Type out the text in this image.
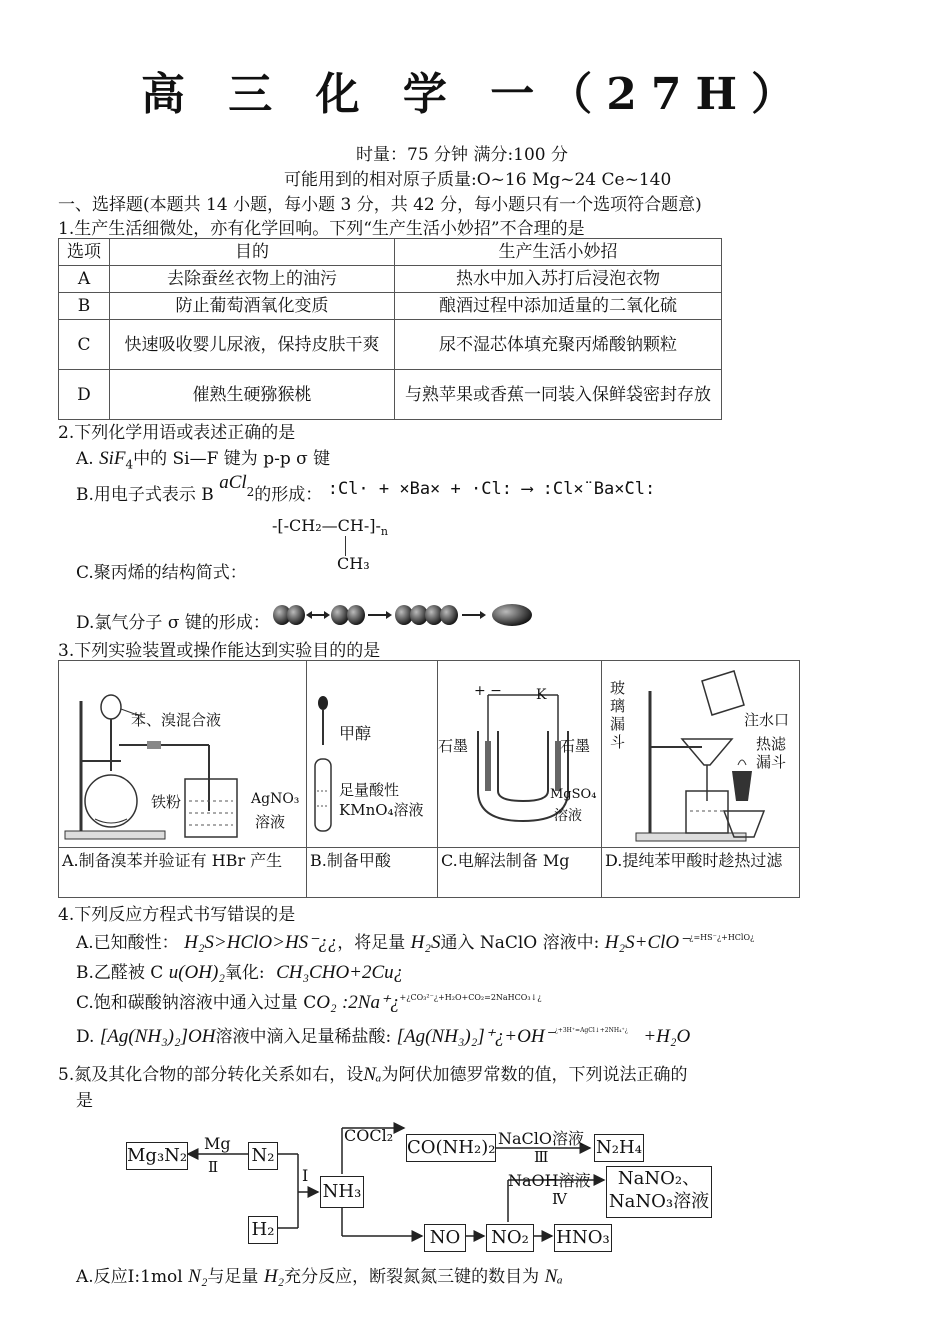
高 三 化 学 一（27H）
时量：75 分钟 满分:100 分
可能用到的相对原子质量:O~16 Mg~24 Ce~140
一、选择题(本题共 14 小题，每小题 3 分，共 42 分，每小题只有一个选项符合题意)
1.生产生活细微处，亦有化学回响。下列“生产生活小妙招”不合理的是
选项	目的	生产生活小妙招
A	去除蚕丝衣物上的油污	热水中加入苏打后浸泡衣物
B	防止葡萄酒氧化变质	酿酒过程中添加适量的二氧化硫
C	快速吸收婴儿尿液，保持皮肤干爽	尿不湿芯体填充聚丙烯酸钠颗粒
D	催熟生硬猕猴桃	与熟苹果或香蕉一同装入保鲜袋密封存放
2.下列化学用语或表述正确的是
A. SiF$_4$中的 Si—F 键为 p-p σ 键
B.用电子式表示 B aCl$_2$的形成： :Cl· + ×Ba× + ·Cl: ⟶ :Cl×̈ Ba×̈Cl:
$-[-CH_2—CH-]-_n$
CH₃
C.聚丙烯的结构简式：
D.氯气分子 σ 键的形成：
3.下列实验装置或操作能达到实验目的的是
苯、溴混合液
铁粉	AgNO₃
溶液
A.制备溴苯并验证有 HBr 产生
甲醇
足量酸性
KMnO₄溶液
B.制备甲酸
K
+ −
石墨	石墨
MgSO₄
溶液
C.电解法制备 Mg
玻
璃
漏
斗
注水口
热滤
漏斗
D.提纯苯甲酸时趁热过滤
4.下列反应方程式书写错误的是
A.已知酸性： H₂S>HClO>HS⁻¿¿，将足量 H₂S通入 NaClO 溶液中: H₂S+ClO⁻$^{¿=HS^-¿+HClO¿}$
B.乙醛被 C u(OH)₂氧化: CH₃CHO+2Cu¿
C.饱和碳酸钠溶液中通入过量 CO₂ :2Na⁺¿$^{+¿CO_3^{2-}¿+H_2O+CO_2=2NaHCO_3↓¿}$
D. [Ag(NH₃)₂]OH溶液中滴入足量稀盐酸: [Ag(NH₃)₂]⁺¿+OH⁻$^{¿+3H^+=AgCl↓+2NH_4^+¿}$ +H₂O
5.氮及其化合物的部分转化关系如右，设Nₐ为阿伏加德罗常数的值，下列说法正确的
是
Mg₃N₂	N₂
H₂
NH₃
CO(NH₂)₂	N₂H₄
NO	NO₂ HNO₃
NaNO₂、
NaNO₃溶液
Mg
Ⅱ	Ⅰ
COCl₂	NaClO溶液
Ⅲ
NaOH溶液
Ⅳ
A.反应Ⅰ:1mol N₂与足量 H₂充分反应，断裂氮氮三键的数目为 Nₐ
